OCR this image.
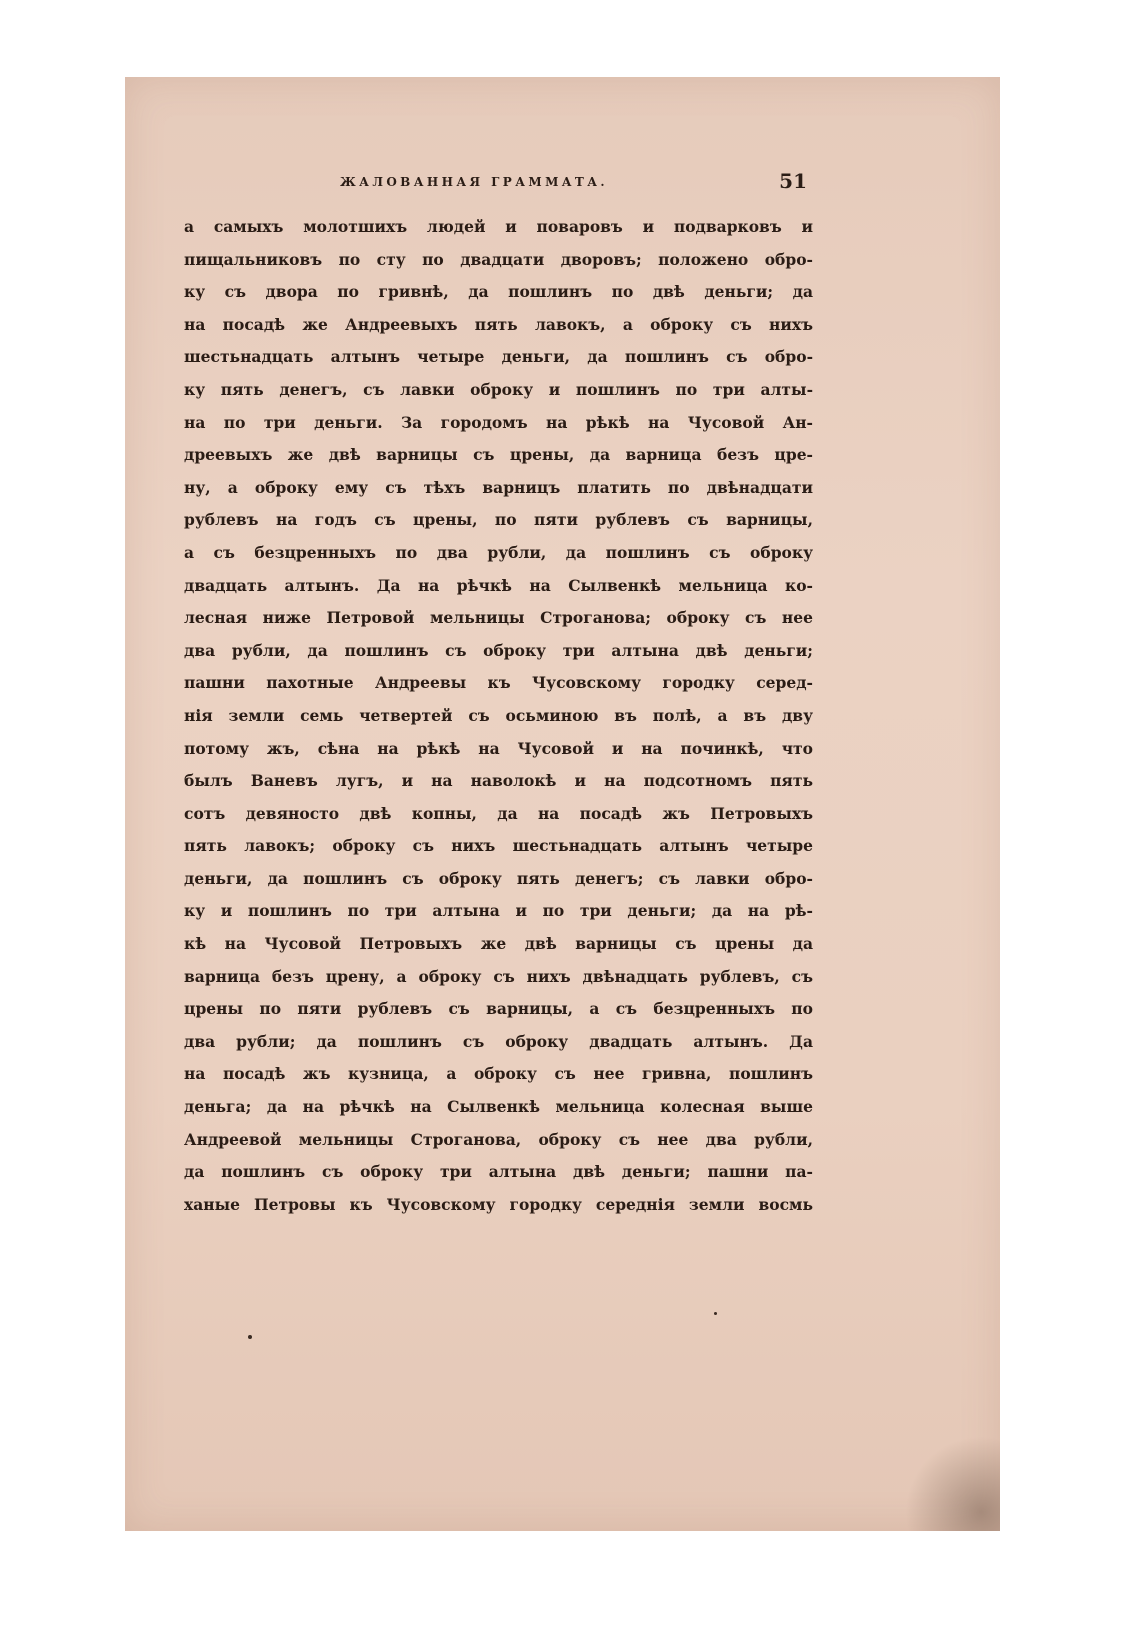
ЖАЛОВАННАЯ ГРАММАТА.	51
а самыхъ молотшихъ людей и поваровъ и подварковъ и
пищальниковъ по сту по двадцати дворовъ; положено обро-
ку съ двора по гривнѣ, да пошлинъ по двѣ деньги; да
на посадѣ же Андреевыхъ пять лавокъ, а оброку съ нихъ
шестьнадцать алтынъ четыре деньги, да пошлинъ съ обро-
ку пять денегъ, съ лавки оброку и пошлинъ по три алты-
на по три деньги. За городомъ на рѣкѣ на Чусовой Ан-
дреевыхъ же двѣ варницы съ црены, да варница безъ цре-
ну, а оброку ему съ тѣхъ варницъ платить по двѣнадцати
рублевъ на годъ съ црены, по пяти рублевъ съ варницы,
а съ безцренныхъ по два рубли, да пошлинъ съ оброку
двадцать алтынъ. Да на рѣчкѣ на Сылвенкѣ мельница ко-
лесная ниже Петровой мельницы Строганова; оброку съ нее
два рубли, да пошлинъ съ оброку три алтына двѣ деньги;
пашни пахотные Андреевы къ Чусовскому городку серед-
нія земли семь четвертей съ осьминою въ полѣ, а въ дву
потому жъ, сѣна на рѣкѣ на Чусовой и на починкѣ, что
былъ Ваневъ лугъ, и на наволокѣ и на подсотномъ пять
сотъ девяносто двѣ копны, да на посадѣ жъ Петровыхъ
пять лавокъ; оброку съ нихъ шестьнадцать алтынъ четыре
деньги, да пошлинъ съ оброку пять денегъ; съ лавки обро-
ку и пошлинъ по три алтына и по три деньги; да на рѣ-
кѣ на Чусовой Петровыхъ же двѣ варницы съ црены да
варница безъ црену, а оброку съ нихъ двѣнадцать рублевъ, съ
црены по пяти рублевъ съ варницы, а съ безцренныхъ по
два рубли; да пошлинъ съ оброку двадцать алтынъ. Да
на посадѣ жъ кузница, а оброку съ нее гривна, пошлинъ
деньга; да на рѣчкѣ на Сылвенкѣ мельница колесная выше
Андреевой мельницы Строганова, оброку съ нее два рубли,
да пошлинъ съ оброку три алтына двѣ деньги; пашни па-
ханые Петровы къ Чусовскому городку середнія земли восмь
